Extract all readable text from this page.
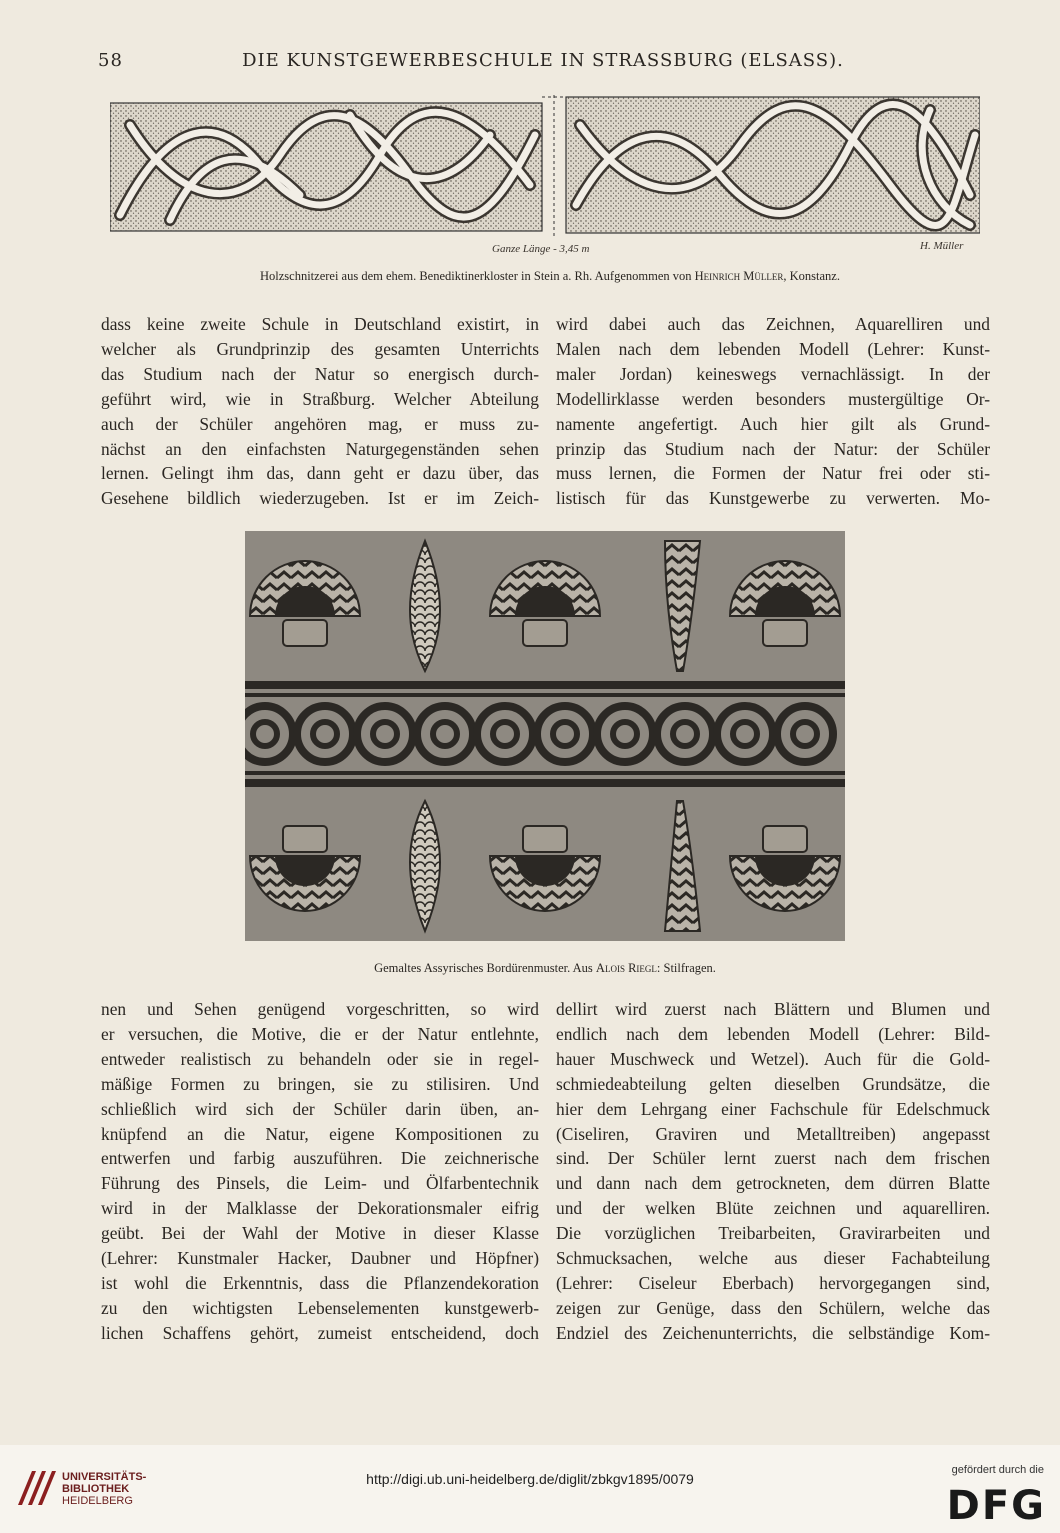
58	DIE KUNSTGEWERBESCHULE IN STRASSBURG (ELSASS).
Ganze Länge - 3,45 m	H. Müller
Holzschnitzerei aus dem ehem. Benediktinerkloster in Stein a. Rh. Aufgenommen von Heinrich Müller, Konstanz.
dass keine zweite Schule in Deutschland existirt, in
welcher als Grundprinzip des gesamten Unterrichts
das Studium nach der Natur so energisch durch-
geführt wird, wie in Straßburg. Welcher Abteilung
auch der Schüler angehören mag, er muss zu-
nächst an den einfachsten Naturgegenständen sehen
lernen. Gelingt ihm das, dann geht er dazu über, das
Gesehene bildlich wiederzugeben. Ist er im Zeich-
wird dabei auch das Zeichnen, Aquarelliren und
Malen nach dem lebenden Modell (Lehrer: Kunst-
maler Jordan) keineswegs vernachlässigt. In der
Modellirklasse werden besonders mustergültige Or-
namente angefertigt. Auch hier gilt als Grund-
prinzip das Studium nach der Natur: der Schüler
muss lernen, die Formen der Natur frei oder sti-
listisch für das Kunstgewerbe zu verwerten. Mo-
Gemaltes Assyrisches Bordürenmuster. Aus Alois Riegl: Stilfragen.
nen und Sehen genügend vorgeschritten, so wird
er versuchen, die Motive, die er der Natur entlehnte,
entweder realistisch zu behandeln oder sie in regel-
mäßige Formen zu bringen, sie zu stilisiren. Und
schließlich wird sich der Schüler darin üben, an-
knüpfend an die Natur, eigene Kompositionen zu
entwerfen und farbig auszuführen. Die zeichnerische
Führung des Pinsels, die Leim- und Ölfarbentechnik
wird in der Malklasse der Dekorationsmaler eifrig
geübt. Bei der Wahl der Motive in dieser Klasse
(Lehrer: Kunstmaler Hacker, Daubner und Höpfner)
ist wohl die Erkenntnis, dass die Pflanzendekoration
zu den wichtigsten Lebenselementen kunstgewerb-
lichen Schaffens gehört, zumeist entscheidend, doch
dellirt wird zuerst nach Blättern und Blumen und
endlich nach dem lebenden Modell (Lehrer: Bild-
hauer Muschweck und Wetzel). Auch für die Gold-
schmiedeabteilung gelten dieselben Grundsätze, die
hier dem Lehrgang einer Fachschule für Edelschmuck
(Ciseliren, Graviren und Metalltreiben) angepasst
sind. Der Schüler lernt zuerst nach dem frischen
und dann nach dem getrockneten, dem dürren Blatte
und der welken Blüte zeichnen und aquarelliren.
Die vorzüglichen Treibarbeiten, Gravirarbeiten und
Schmucksachen, welche aus dieser Fachabteilung
(Lehrer: Ciseleur Eberbach) hervorgegangen sind,
zeigen zur Genüge, dass den Schülern, welche das
Endziel des Zeichenunterrichts, die selbständige Kom-
UNIVERSITÄTS-
BIBLIOTHEK
HEIDELBERG
http://digi.ub.uni-heidelberg.de/diglit/zbkgv1895/0079
gefördert durch die
DFG
